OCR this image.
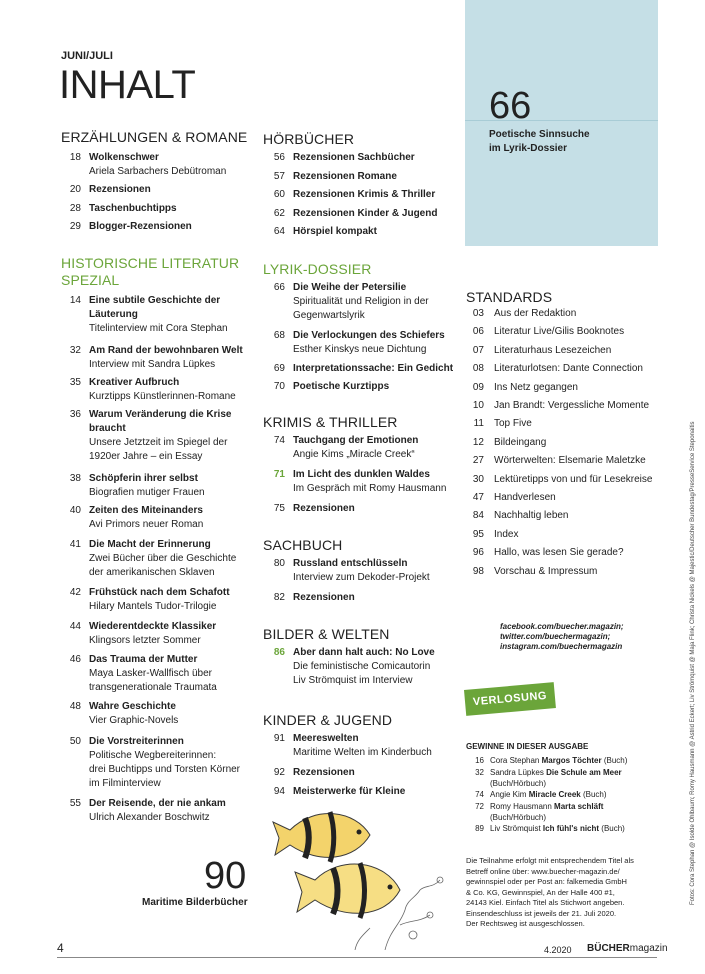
JUNI/JULI
INHALT	66
Poetische Sinnsuche
im Lyrik-Dossier
ERZÄHLUNGEN & ROMANE
18 Wolkenschwer
Ariela Sarbachers Debütroman
20 Rezensionen
28 Taschenbuchtipps
29 Blogger-Rezensionen
HISTORISCHE LITERATUR
SPEZIAL
14 Eine subtile Geschichte der
Läuterung
Titelinterview mit Cora Stephan
32 Am Rand der bewohnbaren Welt
Interview mit Sandra Lüpkes
35 Kreativer Aufbruch
Kurztipps Künstlerinnen-Romane
36 Warum Veränderung die Krise
braucht
Unsere Jetztzeit im Spiegel der
1920er Jahre – ein Essay
38 Schöpferin ihrer selbst
Biografien mutiger Frauen
40 Zeiten des Miteinanders
Avi Primors neuer Roman
41 Die Macht der Erinnerung
Zwei Bücher über die Geschichte
der amerikanischen Sklaven
42 Frühstück nach dem Schafott
Hilary Mantels Tudor-Trilogie
44 Wiederentdeckte Klassiker
Klingsors letzter Sommer
46 Das Trauma der Mutter
Maya Lasker-Wallfisch über
transgenerationale Traumata
48 Wahre Geschichte
Vier Graphic-Novels
50 Die Vorstreiterinnen
Politische Wegbereiterinnen:
drei Buchtipps und Torsten Körner
im Filminterview
55 Der Reisende, der nie ankam
Ulrich Alexander Boschwitz
HÖRBÜCHER
LYRIK-DOSSIER
KRIMIS & THRILLER
SACHBUCH
BILDER & WELTEN
KINDER & JUGEND
56 Rezensionen Sachbücher
57 Rezensionen Romane
60 Rezensionen Krimis & Thriller
62 Rezensionen Kinder & Jugend
64 Hörspiel kompakt
66 Die Weihe der Petersilie
Spiritualität und Religion in der
Gegenwartslyrik
68 Die Verlockungen des Schiefers
Esther Kinskys neue Dichtung
69 Interpretationssache: Ein Gedicht
70 Poetische Kurztipps
74 Tauchgang der Emotionen
Angie Kims „Miracle Creek“
71 Im Licht des dunklen Waldes
Im Gespräch mit Romy Hausmann
75 Rezensionen
80 Russland entschlüsseln
Interview zum Dekoder-Projekt
82 Rezensionen
86 Aber dann halt auch: No Love
Die feministische Comicautorin
Liv Strömquist im Interview
91 Meereswelten
Maritime Welten im Kinderbuch
92 Rezensionen
94 Meisterwerke für Kleine
STANDARDS
03 Aus der Redaktion
06 Literatur Live/Gilis Booknotes
07 Literaturhaus Lesezeichen
08 Literaturlotsen: Dante Connection
09 Ins Netz gegangen
10 Jan Brandt: Vergessliche Momente
11 Top Five
12 Bildeingang
27 Wörterwelten: Elsemarie Maletzke
30 Lektüretipps von und für Lesekreise
47 Handverlesen
84 Nachhaltig leben
95 Index
96 Hallo, was lesen Sie gerade?
98 Vorschau & Impressum
facebook.com/buecher.magazin;
twitter.com/buechermagazin;
instagram.com/buechermagazin
VERLOSUNG
GEWINNE IN DIESER AUSGABE
16 Cora Stephan Margos Töchter (Buch)
32 Sandra Lüpkes Die Schule am Meer
(Buch/Hörbuch)
74 Angie Kim Miracle Creek (Buch)
72 Romy Hausmann Marta schläft
(Buch/Hörbuch)
89 Liv Strömquist Ich fühl's nicht (Buch)
Die Teilnahme erfolgt mit entsprechendem Titel als
Betreff online über: www.buecher-magazin.de/
gewinnspiel oder per Post an: falkemedia GmbH
& Co. KG, Gewinnspiel, An der Halle 400 #1,
24143 Kiel. Einfach Titel als Stichwort angeben.
Einsendeschluss ist jeweils der 21. Juli 2020.
Der Rechtsweg ist ausgeschlossen.
90
Maritime Bilderbücher	Fotos: Cora Stephan @ Isolde Ohlbaum; Romy Hausmann @ Astrid Eckert; Liv Strömquist @ Maja Flink; Christa Nickels @ Majestic/Deutscher Bundestag/PresseService Steponaitis
4	4.2020 BÜCHERmagazin
